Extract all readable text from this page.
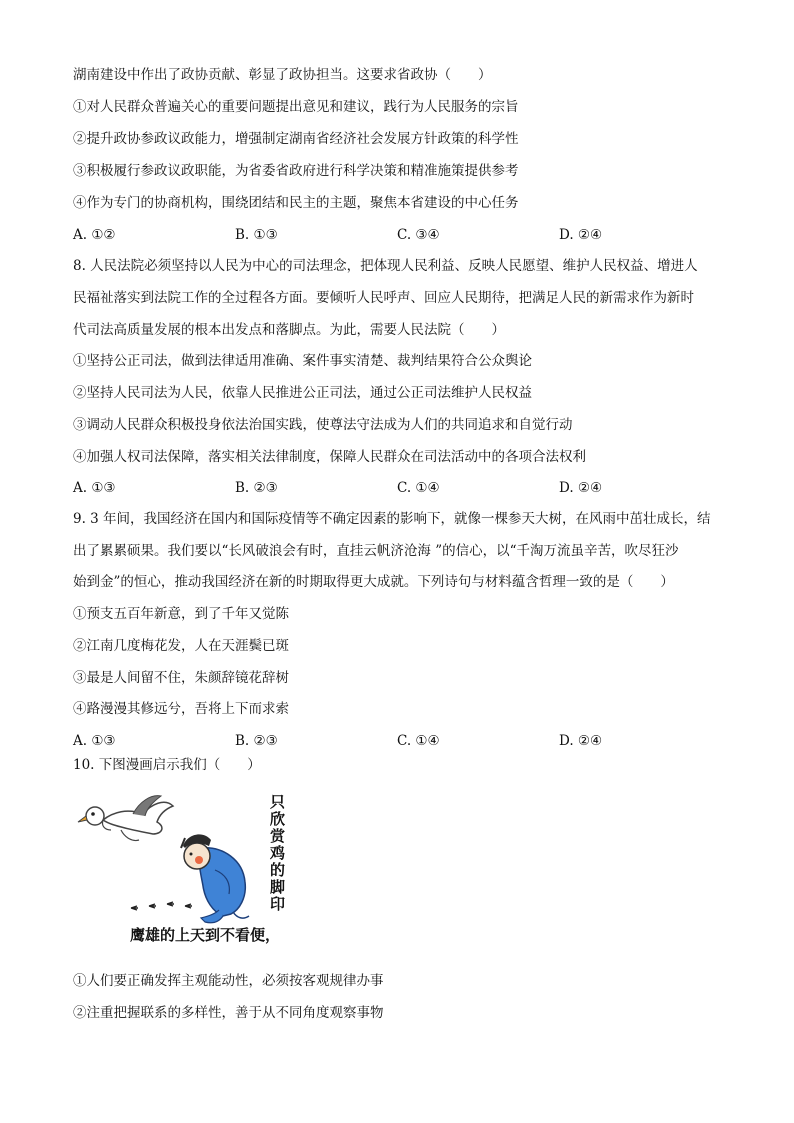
湖南建设中作出了政协贡献、彰显了政协担当。这要求省政协（　　）
①对人民群众普遍关心的重要问题提出意见和建议，践行为人民服务的宗旨
②提升政协参政议政能力，增强制定湖南省经济社会发展方针政策的科学性
③积极履行参政议政职能，为省委省政府进行科学决策和精准施策提供参考
④作为专门的协商机构，围绕团结和民主的主题，聚焦本省建设的中心任务
A. ①②	B. ①③	C. ③④	D. ②④
8. 人民法院必须坚持以人民为中心的司法理念，把体现人民利益、反映人民愿望、维护人民权益、增进人
民福祉落实到法院工作的全过程各方面。要倾听人民呼声、回应人民期待，把满足人民的新需求作为新时
代司法高质量发展的根本出发点和落脚点。为此，需要人民法院（　　）
①坚持公正司法，做到法律适用准确、案件事实清楚、裁判结果符合公众舆论
②坚持人民司法为人民，依靠人民推进公正司法，通过公正司法维护人民权益
③调动人民群众积极投身依法治国实践，使尊法守法成为人们的共同追求和自觉行动
④加强人权司法保障，落实相关法律制度，保障人民群众在司法活动中的各项合法权利
A. ①③	B. ②③	C. ①④	D. ②④
9. 3 年间，我国经济在国内和国际疫情等不确定因素的影响下，就像一棵参天大树，在风雨中茁壮成长，结
出了累累硕果。我们要以“长风破浪会有时，直挂云帆济沧海 ”的信心，以“千淘万流虽辛苦，吹尽狂沙
始到金”的恒心，推动我国经济在新的时期取得更大成就。下列诗句与材料蕴含哲理一致的是（　　）
①预支五百年新意，到了千年又觉陈
②江南几度梅花发，人在天涯鬓已斑
③最是人间留不住，朱颜辞镜花辞树
④路漫漫其修远兮，吾将上下而求索
A. ①③	B. ②③	C. ①④	D. ②④
10. 下图漫画启示我们（　　）
只
欣
赏
鸡
的
脚
印
鹰雄的上天到不看便，
①人们要正确发挥主观能动性，必须按客观规律办事
②注重把握联系的多样性，善于从不同角度观察事物
